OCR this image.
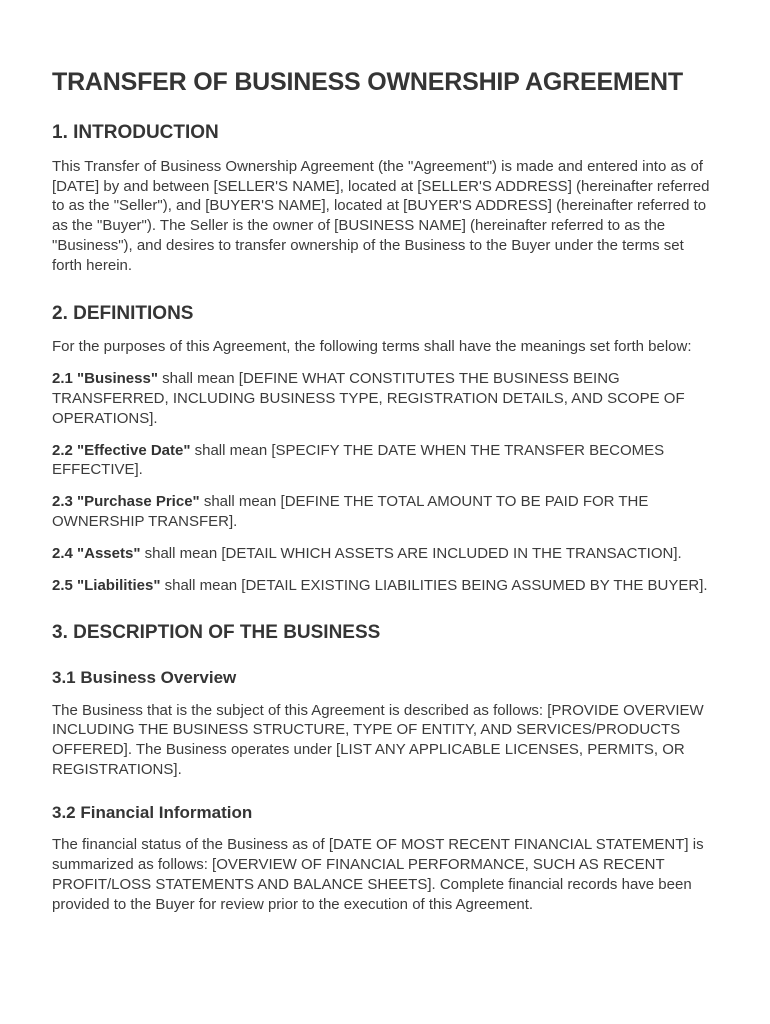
TRANSFER OF BUSINESS OWNERSHIP AGREEMENT
1. INTRODUCTION

This Transfer of Business Ownership Agreement (the "Agreement") is made and entered into as of [DATE] by and between [SELLER'S NAME], located at [SELLER'S ADDRESS] (hereinafter referred to as the "Seller"), and [BUYER'S NAME], located at [BUYER'S ADDRESS] (hereinafter referred to as the "Buyer"). The Seller is the owner of [BUSINESS NAME] (hereinafter referred to as the "Business"), and desires to transfer ownership of the Business to the Buyer under the terms set forth herein.

2. DEFINITIONS

For the purposes of this Agreement, the following terms shall have the meanings set forth below:

2.1 "Business" shall mean [DEFINE WHAT CONSTITUTES THE BUSINESS BEING TRANSFERRED, INCLUDING BUSINESS TYPE, REGISTRATION DETAILS, AND SCOPE OF OPERATIONS].

2.2 "Effective Date" shall mean [SPECIFY THE DATE WHEN THE TRANSFER BECOMES EFFECTIVE].

2.3 "Purchase Price" shall mean [DEFINE THE TOTAL AMOUNT TO BE PAID FOR THE OWNERSHIP TRANSFER].

2.4 "Assets" shall mean [DETAIL WHICH ASSETS ARE INCLUDED IN THE TRANSACTION].

2.5 "Liabilities" shall mean [DETAIL EXISTING LIABILITIES BEING ASSUMED BY THE BUYER].

3. DESCRIPTION OF THE BUSINESS
3.1 Business Overview

The Business that is the subject of this Agreement is described as follows: [PROVIDE OVERVIEW INCLUDING THE BUSINESS STRUCTURE, TYPE OF ENTITY, AND SERVICES/PRODUCTS OFFERED]. The Business operates under [LIST ANY APPLICABLE LICENSES, PERMITS, OR REGISTRATIONS].

3.2 Financial Information

The financial status of the Business as of [DATE OF MOST RECENT FINANCIAL STATEMENT] is summarized as follows: [OVERVIEW OF FINANCIAL PERFORMANCE, SUCH AS RECENT PROFIT/LOSS STATEMENTS AND BALANCE SHEETS]. Complete financial records have been provided to the Buyer for review prior to the execution of this Agreement.
